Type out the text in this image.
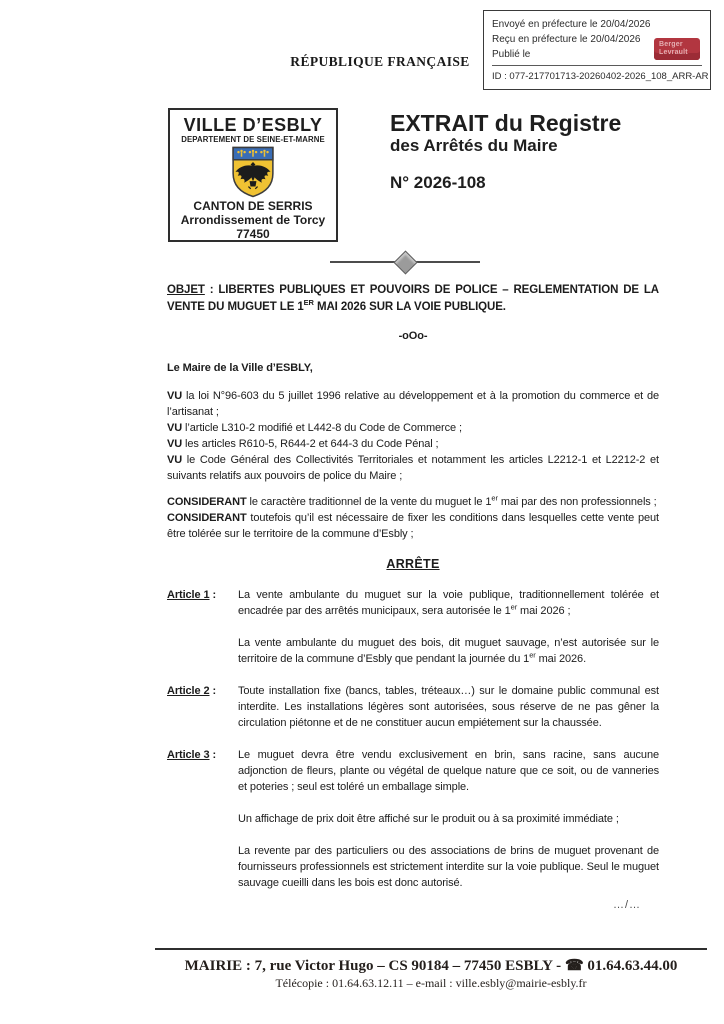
Envoyé en préfecture le 20/04/2026
Reçu en préfecture le 20/04/2026
Publié le
ID : 077-217701713-20260402-2026_108_ARR-AR
Berger
Levrault
RÉPUBLIQUE FRANÇAISE
VILLE D’ESBLY
DEPARTEMENT DE SEINE-ET-MARNE
CANTON DE SERRIS
Arrondissement de Torcy
77450
EXTRAIT du Registre
des Arrêtés du Maire
N° 2026-108

OBJET : LIBERTES PUBLIQUES ET POUVOIRS DE POLICE – REGLEMENTATION DE LA VENTE DU MUGUET LE 1ER MAI 2026 SUR LA VOIE PUBLIQUE.

-oOo-
Le Maire de la Ville d’ESBLY,

VU la loi N°96-603 du 5 juillet 1996 relative au développement et à la promotion du commerce et de l’artisanat ;

VU l’article L310-2 modifié et L442-8 du Code de Commerce ;

VU les articles R610-5, R644-2 et 644-3 du Code Pénal ;

VU le Code Général des Collectivités Territoriales et notamment les articles L2212-1 et L2212-2 et suivants relatifs aux pouvoirs de police du Maire ;

CONSIDERANT le caractère traditionnel de la vente du muguet le 1er mai par des non professionnels ;

CONSIDERANT toutefois qu’il est nécessaire de fixer les conditions dans lesquelles cette vente peut être tolérée sur le territoire de la commune d’Esbly ;

ARRÊTE
Article 1 :	La vente ambulante du muguet sur la voie publique, traditionnellement tolérée et encadrée par des arrêtés municipaux, sera autorisée le 1er mai 2026 ;

La vente ambulante du muguet des bois, dit muguet sauvage, n’est autorisée sur le territoire de la commune d’Esbly que pendant la journée du 1er mai 2026.

Article 2 :	Toute installation fixe (bancs, tables, tréteaux…) sur le domaine public communal est interdite. Les installations légères sont autorisées, sous réserve de ne pas gêner la circulation piétonne et de ne constituer aucun empiétement sur la chaussée.

Article 3 :	Le muguet devra être vendu exclusivement en brin, sans racine, sans aucune adjonction de fleurs, plante ou végétal de quelque nature que ce soit, ou de vanneries et poteries ; seul est toléré un emballage simple.

Un affichage de prix doit être affiché sur le produit ou à sa proximité immédiate ;

La revente par des particuliers ou des associations de brins de muguet provenant de fournisseurs professionnels est strictement interdite sur la voie publique. Seul le muguet sauvage cueilli dans les bois est donc autorisé.

…/…
MAIRIE : 7, rue Victor Hugo – CS 90184 – 77450 ESBLY - ☎ 01.64.63.44.00
Télécopie : 01.64.63.12.11 – e-mail : ville.esbly@mairie-esbly.fr
